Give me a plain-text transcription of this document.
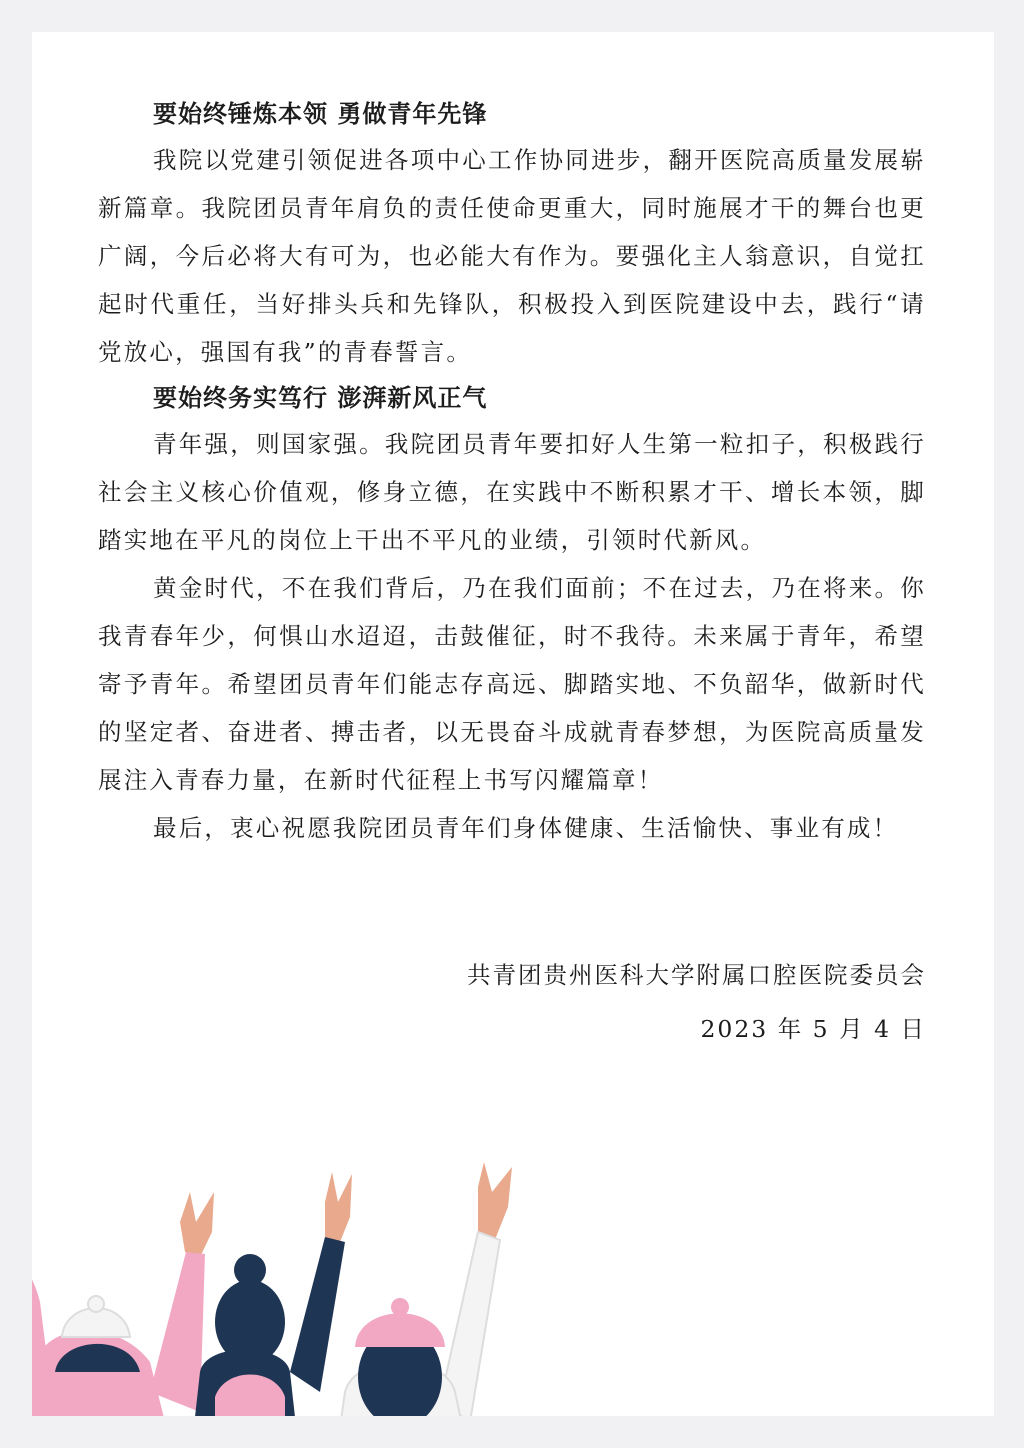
要始终锤炼本领 勇做青年先锋

我院以党建引领促进各项中心工作协同进步，翻开医院高质量发展崭新篇章。我院团员青年肩负的责任使命更重大，同时施展才干的舞台也更广阔，今后必将大有可为，也必能大有作为。要强化主人翁意识，自觉扛起时代重任，当好排头兵和先锋队，积极投入到医院建设中去，践行“请党放心，强国有我”的青春誓言。

要始终务实笃行 澎湃新风正气

青年强，则国家强。我院团员青年要扣好人生第一粒扣子，积极践行社会主义核心价值观，修身立德，在实践中不断积累才干、增长本领，脚踏实地在平凡的岗位上干出不平凡的业绩，引领时代新风。

黄金时代，不在我们背后，乃在我们面前；不在过去，乃在将来。你我青春年少，何惧山水迢迢，击鼓催征，时不我待。未来属于青年，希望寄予青年。希望团员青年们能志存高远、脚踏实地、不负韶华，做新时代的坚定者、奋进者、搏击者，以无畏奋斗成就青春梦想，为医院高质量发展注入青春力量，在新时代征程上书写闪耀篇章！

最后，衷心祝愿我院团员青年们身体健康、生活愉快、事业有成！

共青团贵州医科大学附属口腔医院委员会

2023 年 5 月 4 日
